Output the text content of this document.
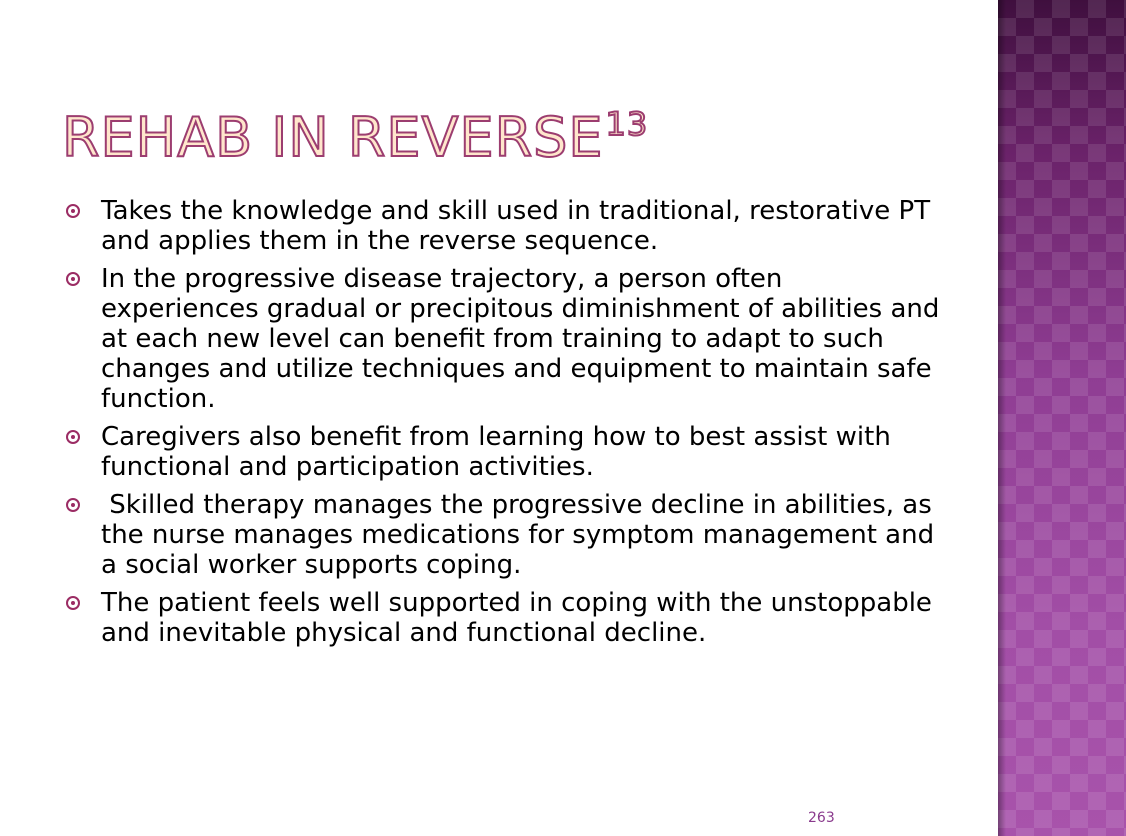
REHAB IN REVERSE$^{13}$
Takes the knowledge and skill used in traditional, restorative PT and applies them in the reverse sequence.
In the progressive disease trajectory, a person often experiences gradual or precipitous diminishment of abilities and at each new level can benefit from training to adapt to such changes and utilize techniques and equipment to maintain safe function.
Caregivers also benefit from learning how to best assist with functional and participation activities.
Skilled therapy manages the progressive decline in abilities, as the nurse manages medications for symptom management and a social worker supports coping.
The patient feels well supported in coping with the unstoppable and inevitable physical and functional decline.
263
